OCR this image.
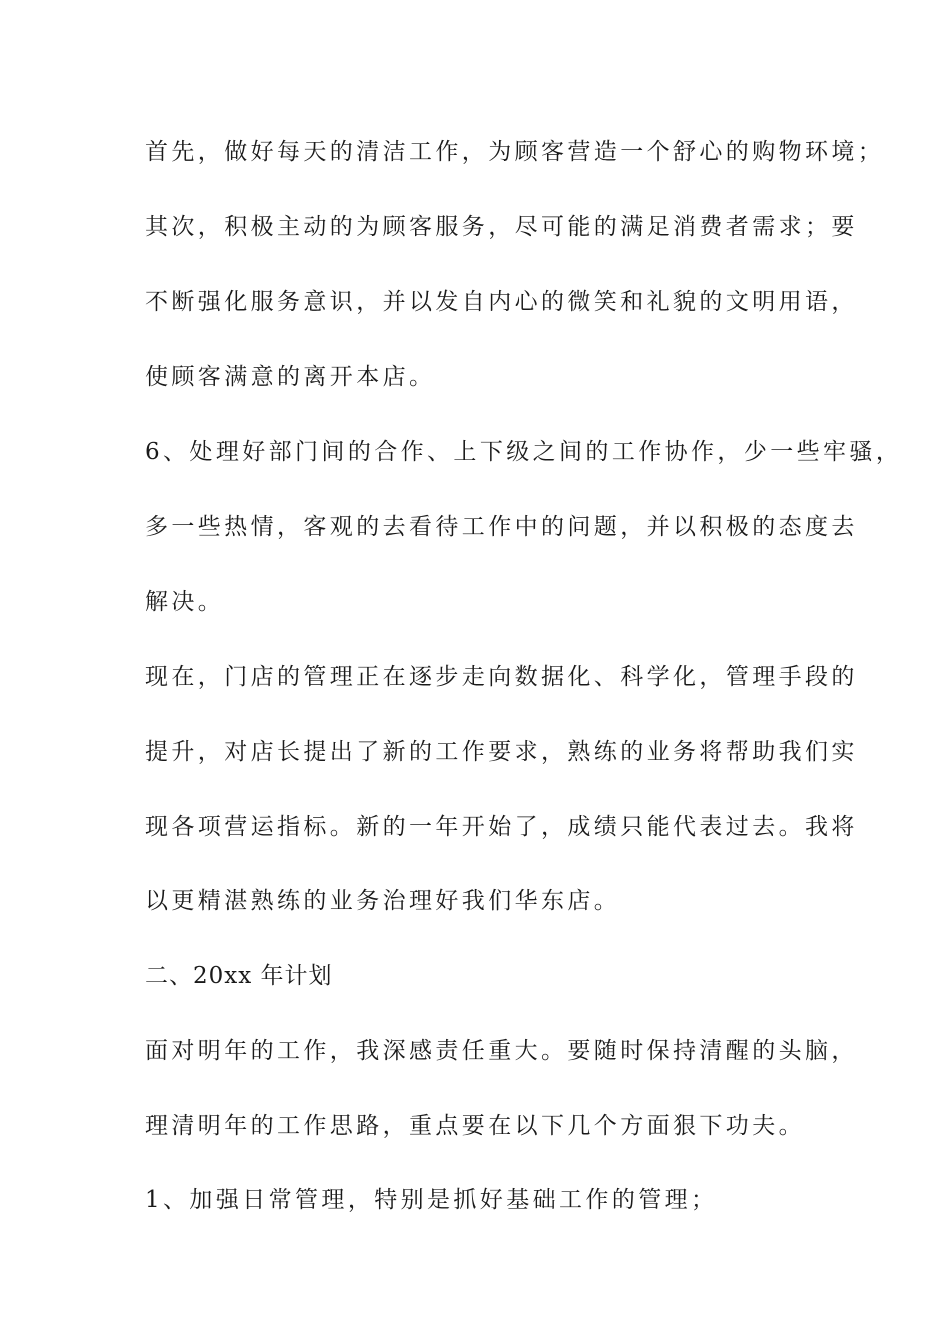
首先，做好每天的清洁工作，为顾客营造一个舒心的购物环境；
其次，积极主动的为顾客服务，尽可能的满足消费者需求；要
不断强化服务意识，并以发自内心的微笑和礼貌的文明用语，
使顾客满意的离开本店。
6、处理好部门间的合作、上下级之间的工作协作，少一些牢骚，
多一些热情，客观的去看待工作中的问题，并以积极的态度去
解决。
现在，门店的管理正在逐步走向数据化、科学化，管理手段的
提升，对店长提出了新的工作要求，熟练的业务将帮助我们实
现各项营运指标。新的一年开始了，成绩只能代表过去。我将
以更精湛熟练的业务治理好我们华东店。
二、20xx 年计划
面对明年的工作，我深感责任重大。要随时保持清醒的头脑，
理清明年的工作思路，重点要在以下几个方面狠下功夫。
1、加强日常管理，特别是抓好基础工作的管理；
